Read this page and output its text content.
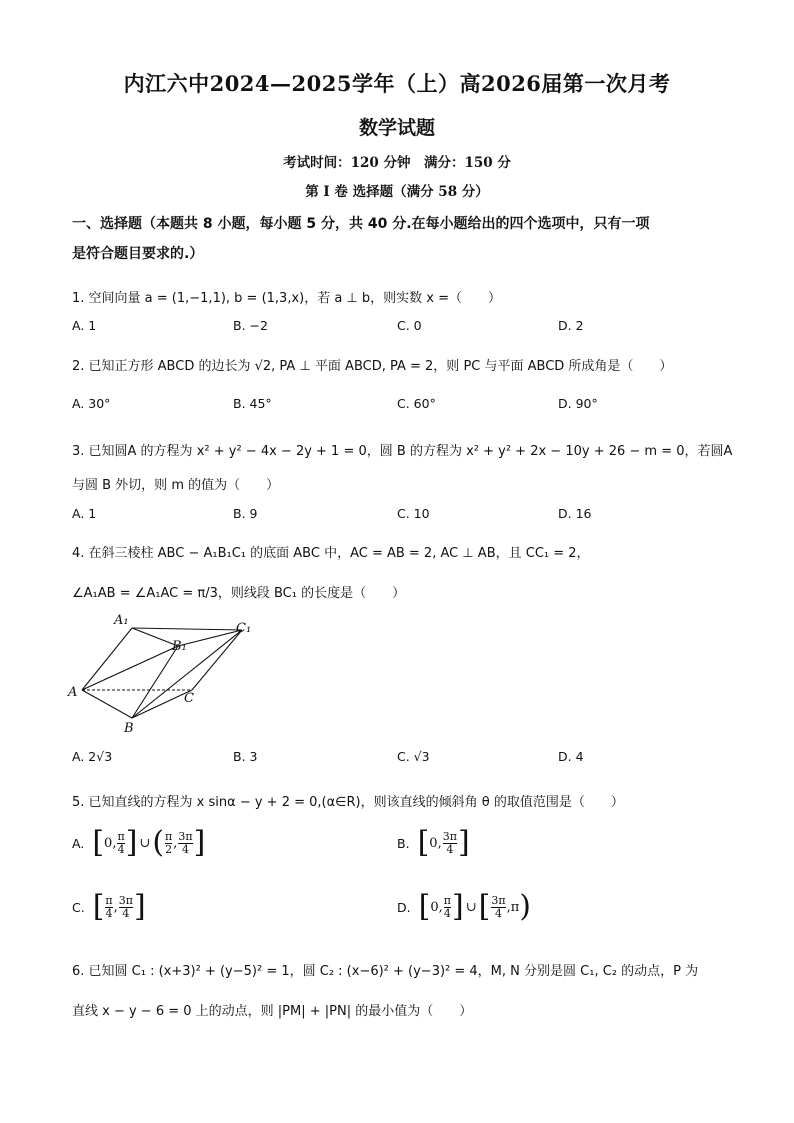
内江六中2024—2025学年（上）高2026届第一次月考
数学试题
考试时间：120 分钟　满分：150 分
第 I 卷 选择题（满分 58 分）
一、选择题（本题共 8 小题，每小题 5 分，共 40 分.在每小题给出的四个选项中，只有一项
是符合题目要求的.）
1. 空间向量 a = (1,−1,1), b = (1,3,x)，若 a ⊥ b，则实数 x =（　　）
A. 1	B. −2	C. 0	D. 2
2. 已知正方形 ABCD 的边长为 √2, PA ⊥ 平面 ABCD, PA = 2，则 PC 与平面 ABCD 所成角是（　　）
A. 30°	B. 45°	C. 60°	D. 90°
3. 已知圆A 的方程为 x² + y² − 4x − 2y + 1 = 0，圆 B 的方程为 x² + y² + 2x − 10y + 26 − m = 0，若圆A
与圆 B 外切，则 m 的值为（　　）
A. 1	B. 9	C. 10	D. 16
4. 在斜三棱柱 ABC − A₁B₁C₁ 的底面 ABC 中，AC = AB = 2, AC ⊥ AB，且 CC₁ = 2，
∠A₁AB = ∠A₁AC = π/3，则线段 BC₁ 的长度是（　　）
A₁
B₁
C₁
A	C
B
A. 2√3	B. 3	C. √3	D. 4
5. 已知直线的方程为 x sinα − y + 2 = 0,(α∈R)，则该直线的倾斜角 θ 的取值范围是（　　）
A. [ 0 , $\frac{\pi}{4}$ ] ∪ ( $\frac{\pi}{2}$ , $\frac{3\pi}{4}$ ]	B. [ 0 , $\frac{3\pi}{4}$ ]
C. [ $\frac{\pi}{4}$ , $\frac{3\pi}{4}$ ]	D. [ 0 , $\frac{\pi}{4}$ ] ∪ [ $\frac{3\pi}{4}$ , π )
6. 已知圆 C₁ : (x+3)² + (y−5)² = 1，圆 C₂ : (x−6)² + (y−3)² = 4，M, N 分别是圆 C₁, C₂ 的动点，P 为
直线 x − y − 6 = 0 上的动点，则 |PM| + |PN| 的最小值为（　　）
